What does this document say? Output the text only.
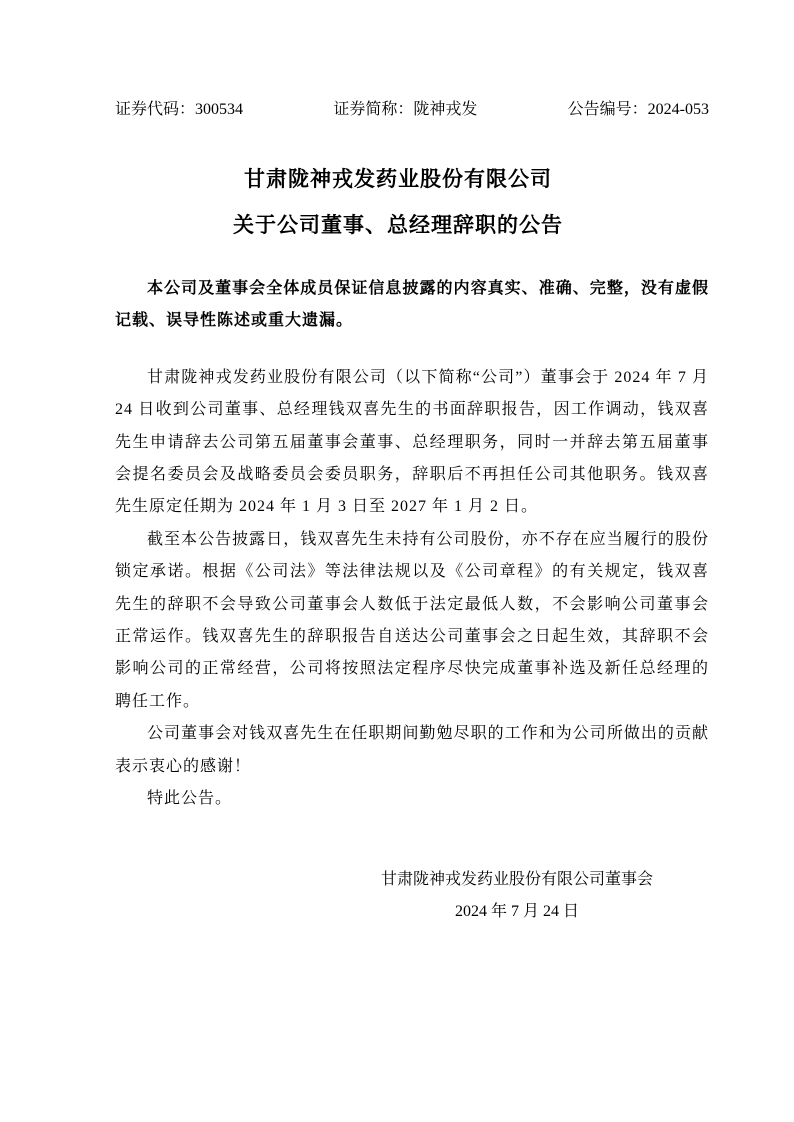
证券代码：300534	证券简称：陇神戎发	公告编号：2024-053
甘肃陇神戎发药业股份有限公司
关于公司董事、总经理辞职的公告

本公司及董事会全体成员保证信息披露的内容真实、准确、完整，没有虚假记载、误导性陈述或重大遗漏。

甘肃陇神戎发药业股份有限公司（以下简称“公司”）董事会于 2024 年 7 月 24 日收到公司董事、总经理钱双喜先生的书面辞职报告，因工作调动，钱双喜先生申请辞去公司第五届董事会董事、总经理职务，同时一并辞去第五届董事会提名委员会及战略委员会委员职务，辞职后不再担任公司其他职务。钱双喜先生原定任期为 2024 年 1 月 3 日至 2027 年 1 月 2 日。

截至本公告披露日，钱双喜先生未持有公司股份，亦不存在应当履行的股份锁定承诺。根据《公司法》等法律法规以及《公司章程》的有关规定，钱双喜先生的辞职不会导致公司董事会人数低于法定最低人数，不会影响公司董事会正常运作。钱双喜先生的辞职报告自送达公司董事会之日起生效，其辞职不会影响公司的正常经营，公司将按照法定程序尽快完成董事补选及新任总经理的聘任工作。

公司董事会对钱双喜先生在任职期间勤勉尽职的工作和为公司所做出的贡献表示衷心的感谢！

特此公告。

甘肃陇神戎发药业股份有限公司董事会
2024 年 7 月 24 日
